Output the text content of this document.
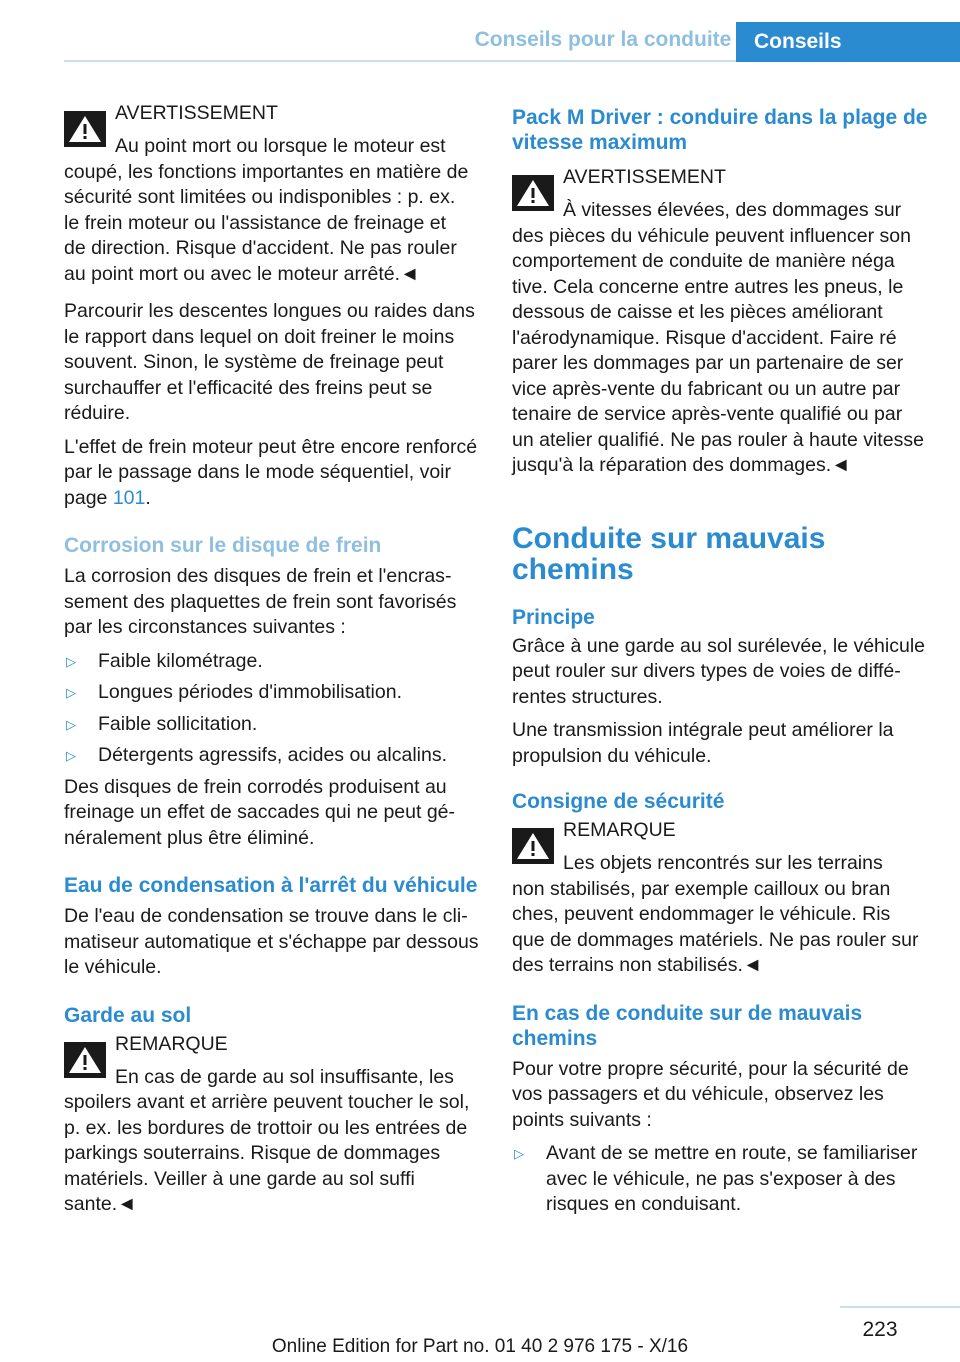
Conseils pour la conduite	Conseils
AVERTISSEMENT
Au point mort ou lorsque le moteur est
coupé, les fonctions importantes en matière de
sécurité sont limitées ou indisponibles : p. ex.
le frein moteur ou l'assistance de freinage et
de direction. Risque d'accident. Ne pas rouler
au point mort ou avec le moteur arrêté.◄

Parcourir les descentes longues ou raides dans le rapport dans lequel on doit freiner le moins souvent. Sinon, le système de freinage peut surchauffer et l'efficacité des freins peut se réduire.

L'effet de frein moteur peut être encore renforcé par le passage dans le mode séquentiel, voir page 101.

Corrosion sur le disque de frein

La corrosion des disques de frein et l'encrassement des plaquettes de frein sont favorisés par les circonstances suivantes :

▷ Faible kilométrage.
▷ Longues périodes d'immobilisation.
▷ Faible sollicitation.
▷ Détergents agressifs, acides ou alcalins.

Des disques de frein corrodés produisent au freinage un effet de saccades qui ne peut généralement plus être éliminé.

Eau de condensation à l'arrêt du véhicule

De l'eau de condensation se trouve dans le climatiseur automatique et s'échappe par dessous le véhicule.

Garde au sol
REMARQUE
En cas de garde au sol insuffisante, les
spoilers avant et arrière peuvent toucher le sol,
p. ex. les bordures de trottoir ou les entrées de
parkings souterrains. Risque de dommages
matériels. Veiller à une garde au sol suffi
sante.◄
Pack M Driver : conduire dans la plage de vitesse maximum
AVERTISSEMENT
À vitesses élevées, des dommages sur
des pièces du véhicule peuvent influencer son
comportement de conduite de manière néga
tive. Cela concerne entre autres les pneus, le
dessous de caisse et les pièces améliorant
l'aérodynamique. Risque d'accident. Faire ré
parer les dommages par un partenaire de ser
vice après-vente du fabricant ou un autre par
tenaire de service après-vente qualifié ou par
un atelier qualifié. Ne pas rouler à haute vitesse
jusqu'à la réparation des dommages.◄
Conduite sur mauvais chemins
Principe

Grâce à une garde au sol surélevée, le véhicule peut rouler sur divers types de voies de différentes structures.

Une transmission intégrale peut améliorer la propulsion du véhicule.

Consigne de sécurité
REMARQUE
Les objets rencontrés sur les terrains
non stabilisés, par exemple cailloux ou bran
ches, peuvent endommager le véhicule. Ris
que de dommages matériels. Ne pas rouler sur
des terrains non stabilisés.◄
En cas de conduite sur de mauvais chemins

Pour votre propre sécurité, pour la sécurité de vos passagers et du véhicule, observez les points suivants :

▷ Avant de se mettre en route, se familiariser avec le véhicule, ne pas s'exposer à des risques en conduisant.
223
Online Edition for Part no. 01 40 2 976 175 - X/16
